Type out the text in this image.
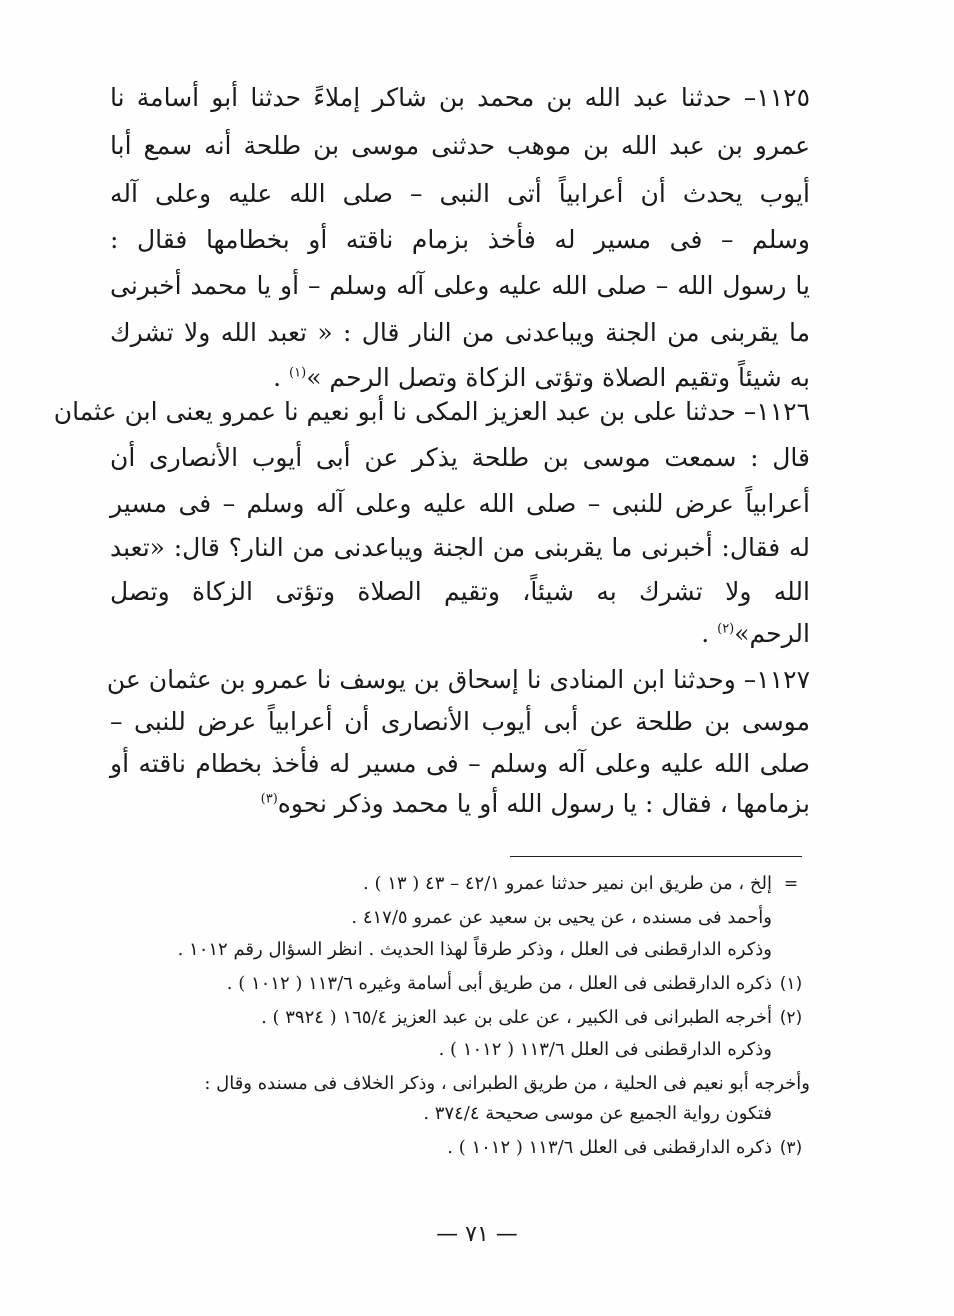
١١٢٥– حدثنا عبد الله بن محمد بن شاكر إملاءً حدثنا أبو أسامة نا
عمرو بن عبد الله بن موهب حدثنى موسى بن طلحة أنه سمع أبا
أيوب يحدث أن أعرابياً أتى النبى – صلى الله عليه وعلى آله
وسلم – فى مسير له فأخذ بزمام ناقته أو بخطامها فقال :
يا رسول الله – صلى الله عليه وعلى آله وسلم – أو يا محمد أخبرنى
ما يقربنى من الجنة ويباعدنى من النار قال : « تعبد الله ولا تشرك
به شيئاً وتقيم الصلاة وتؤتى الزكاة وتصل الرحم »$^{(١)}$ .
١١٢٦– حدثنا على بن عبد العزيز المكى نا أبو نعيم نا عمرو يعنى ابن عثمان
قال : سمعت موسى بن طلحة يذكر عن أبى أيوب الأنصارى أن
أعرابياً عرض للنبى – صلى الله عليه وعلى آله وسلم – فى مسير
له فقال: أخبرنى ما يقربنى من الجنة ويباعدنى من النار؟ قال: «تعبد
الله ولا تشرك به شيئاً، وتقيم الصلاة وتؤتى الزكاة وتصل
الرحم»$^{(٢)}$ .
١١٢٧– وحدثنا ابن المنادى نا إسحاق بن يوسف نا عمرو بن عثمان عن
موسى بن طلحة عن أبى أيوب الأنصارى أن أعرابياً عرض للنبى –
صلى الله عليه وعلى آله وسلم – فى مسير له فأخذ بخطام ناقته أو
بزمامها ، فقال : يا رسول الله أو يا محمد وذكر نحوه$^{(٣)}$
=إلخ ، من طريق ابن نمير حدثنا عمرو ٤٢/١ – ٤٣ ( ١٣ ) .
وأحمد فى مسنده ، عن يحيى بن سعيد عن عمرو ٤١٧/٥ .
وذكره الدارقطنى فى العلل ، وذكر طرقاً لهذا الحديث . انظر السؤال رقم ١٠١٢ .
(١)ذكره الدارقطنى فى العلل ، من طريق أبى أسامة وغيره ١١٣/٦ ( ١٠١٢ ) .
(٢)أخرجه الطبرانى فى الكبير ، عن على بن عبد العزيز ١٦٥/٤ ( ٣٩٢٤ ) .
وذكره الدارقطنى فى العلل ١١٣/٦ ( ١٠١٢ ) .
وأخرجه أبو نعيم فى الحلية ، من طريق الطبرانى ، وذكر الخلاف فى مسنده وقال :
فتكون رواية الجميع عن موسى صحيحة ٣٧٤/٤ .
(٣)ذكره الدارقطنى فى العلل ١١٣/٦ ( ١٠١٢ ) .
— ٧١ —
